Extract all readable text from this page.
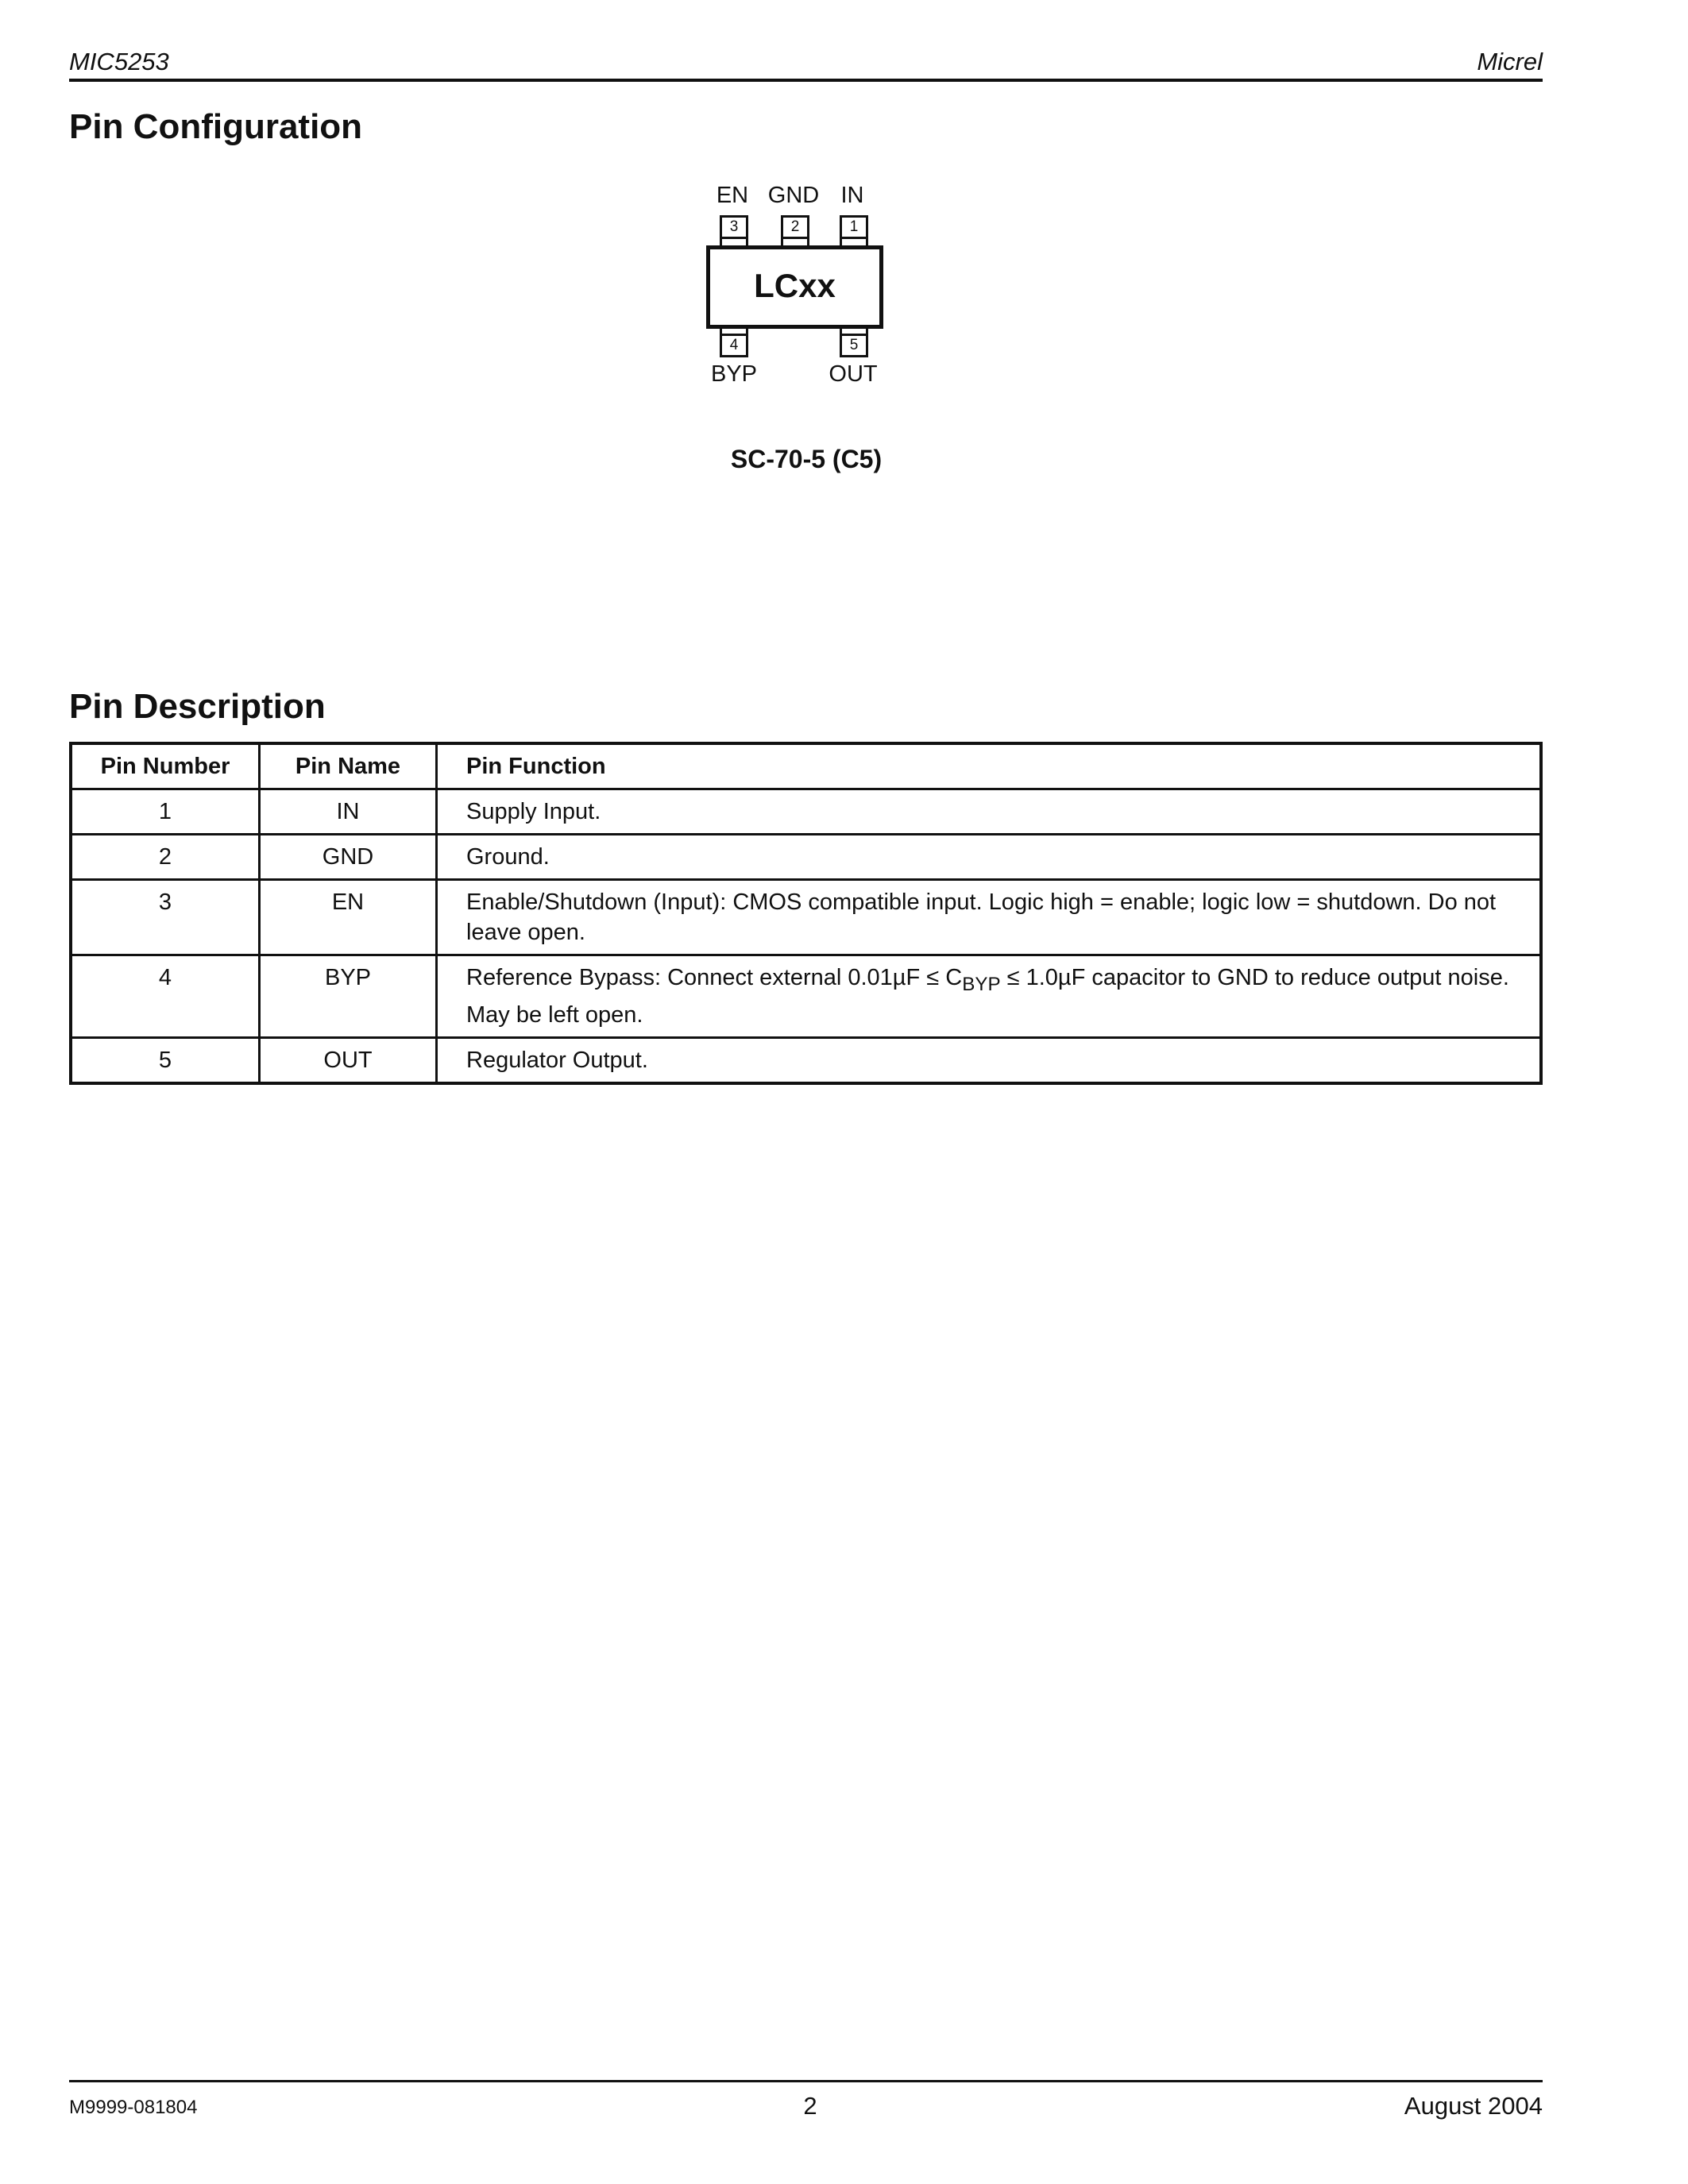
MIC5253	Micrel
Pin Configuration
EN GND IN
3	2	1
LCxx
4	5
BYP	OUT
SC-70-5 (C5)
Pin Description
Pin Number	Pin Name	Pin Function
1	IN	Supply Input.
2	GND	Ground.
3	EN	Enable/Shutdown (Input): CMOS compatible input. Logic high = enable; logic low = shutdown. Do not leave open.
4	BYP	Reference Bypass: Connect external $0.01\mu F \le C_{BYP} \le 1.0\mu F$ capacitor to GND to reduce output noise. May be left open.
5	OUT	Regulator Output.
M9999-081804	2	August 2004
